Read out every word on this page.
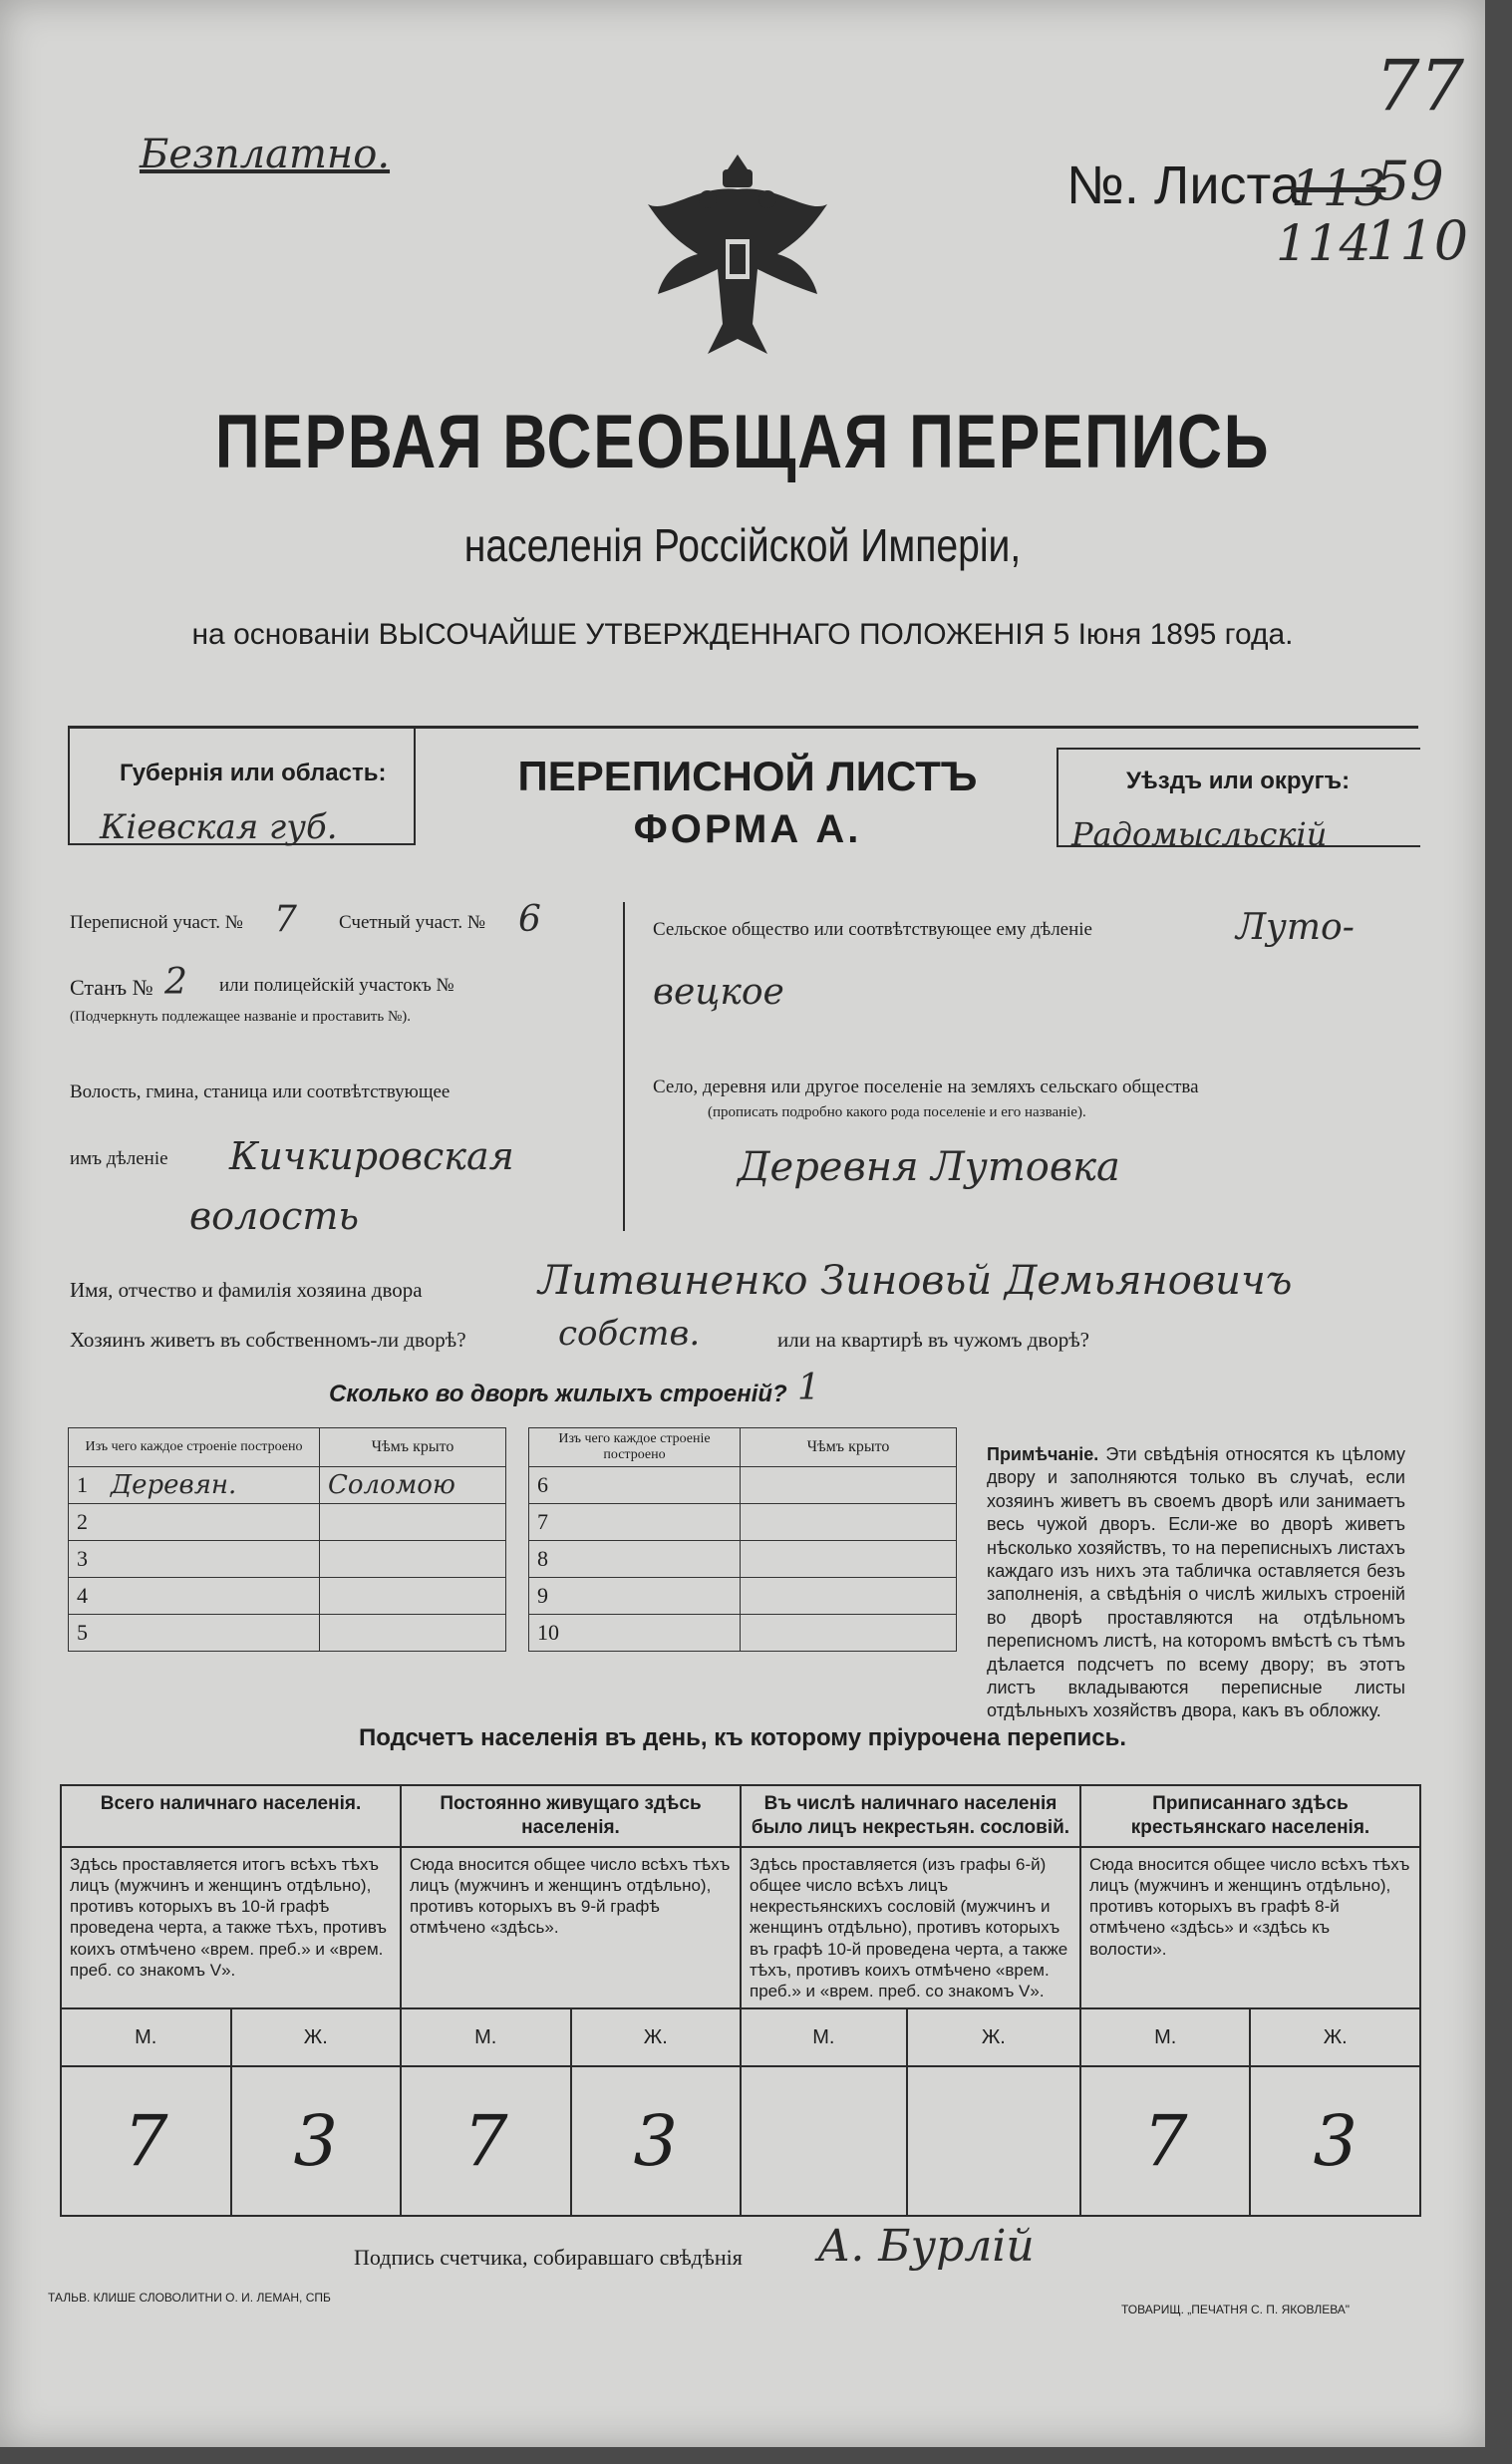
Безплатно.
№. Листа
113
59
114
110
77
ПЕРВАЯ ВСЕОБЩАЯ ПЕРЕПИСЬ
населенія Россійской Имперіи,
на основаніи ВЫСОЧАЙШЕ УТВЕРЖДЕННАГО ПОЛОЖЕНІЯ 5 Іюня 1895 года.
Губернія или область:
Кіевская губ.
ПЕРЕПИСНОЙ ЛИСТЪ
ФОРМА А.
Уѣздъ или округъ:
Радомысльскій
Переписной участ. № 7 Счетный участ. № 6
Станъ № 2 или полицейскій участокъ №
(Подчеркнуть подлежащее названіе и проставить №).
Волость, гмина, станица или соотвѣтствующее
имъ дѣленіе Кичкировская
волость
Сельское общество или соотвѣтствующее ему дѣленіе	Луто-
вецкое
Село, деревня или другое поселеніе на земляхъ сельскаго общества
(прописать подробно какого рода поселеніе и его названіе).
Деревня Лутовка
Имя, отчество и фамилія хозяина двора	Литвиненко Зиновьй Демьяновичъ
Хозяинъ живетъ въ собственномъ-ли дворѣ?	собств.	или на квартирѣ въ чужомъ дворѣ?
Сколько во дворѣ жилыхъ строеній? 1
Изъ чего каждое строеніе построено		Чѣмъ крыто
1	Деревян.	Соломою
2		
3		
4		
5		
Изъ чего каждое строеніе построено		Чѣмъ крыто
6		
7		
8		
9		
10		
Примѣчаніе. Эти свѣдѣнія относятся къ цѣлому двору и заполняются только въ случаѣ, если хозяинъ живетъ въ своемъ дворѣ или занимаетъ весь чужой дворъ. Если-же во дворѣ живетъ нѣсколько хозяйствъ, то на переписныхъ листахъ каждаго изъ нихъ эта табличка оставляется безъ заполненія, а свѣдѣнія о числѣ жилыхъ строеній во дворѣ проставляются на отдѣльномъ переписномъ листѣ, на которомъ вмѣстѣ съ тѣмъ дѣлается подсчетъ по всему двору; въ этотъ листъ вкладываются переписные листы отдѣльныхъ хозяйствъ двора, какъ въ обложку.
Подсчетъ населенія въ день, къ которому пріурочена перепись.
Всего наличнаго населенія.		Постоянно живущаго здѣсь населенія.		Въ числѣ наличнаго населенія было лицъ некрестьян. сословій.		Приписаннаго здѣсь крестьянскаго населенія.	
Здѣсь проставляется итогъ всѣхъ тѣхъ лицъ (мужчинъ и женщинъ отдѣльно), противъ которыхъ въ 10-й графѣ проведена черта, а также тѣхъ, противъ коихъ отмѣчено «врем. преб.» и «врем. преб. со знакомъ V».		Сюда вносится общее число всѣхъ тѣхъ лицъ (мужчинъ и женщинъ отдѣльно), противъ которыхъ въ 9-й графѣ отмѣчено «здѣсь».		Здѣсь проставляется (изъ графы 6-й) общее число всѣхъ лицъ некрестьянскихъ сословій (мужчинъ и женщинъ отдѣльно), противъ которыхъ въ графѣ 10-й проведена черта, а также тѣхъ, противъ коихъ отмѣчено «врем. преб.» и «врем. преб. со знакомъ V».		Сюда вносится общее число всѣхъ тѣхъ лицъ (мужчинъ и женщинъ отдѣльно), противъ которыхъ въ графѣ 8-й отмѣчено «здѣсь» и «здѣсь къ волости».	
М.	Ж.	М.	Ж.	М.	Ж.	М.	Ж.
7	3	7	3			7	3
Подпись счетчика, собиравшаго свѣдѣнія А. Бурлій
ТАЛЬВ. КЛИШЕ СЛОВОЛИТНИ О. И. ЛЕМАН, СПБ
ТОВАРИЩ. „ПЕЧАТНЯ С. П. ЯКОВЛЕВА"
